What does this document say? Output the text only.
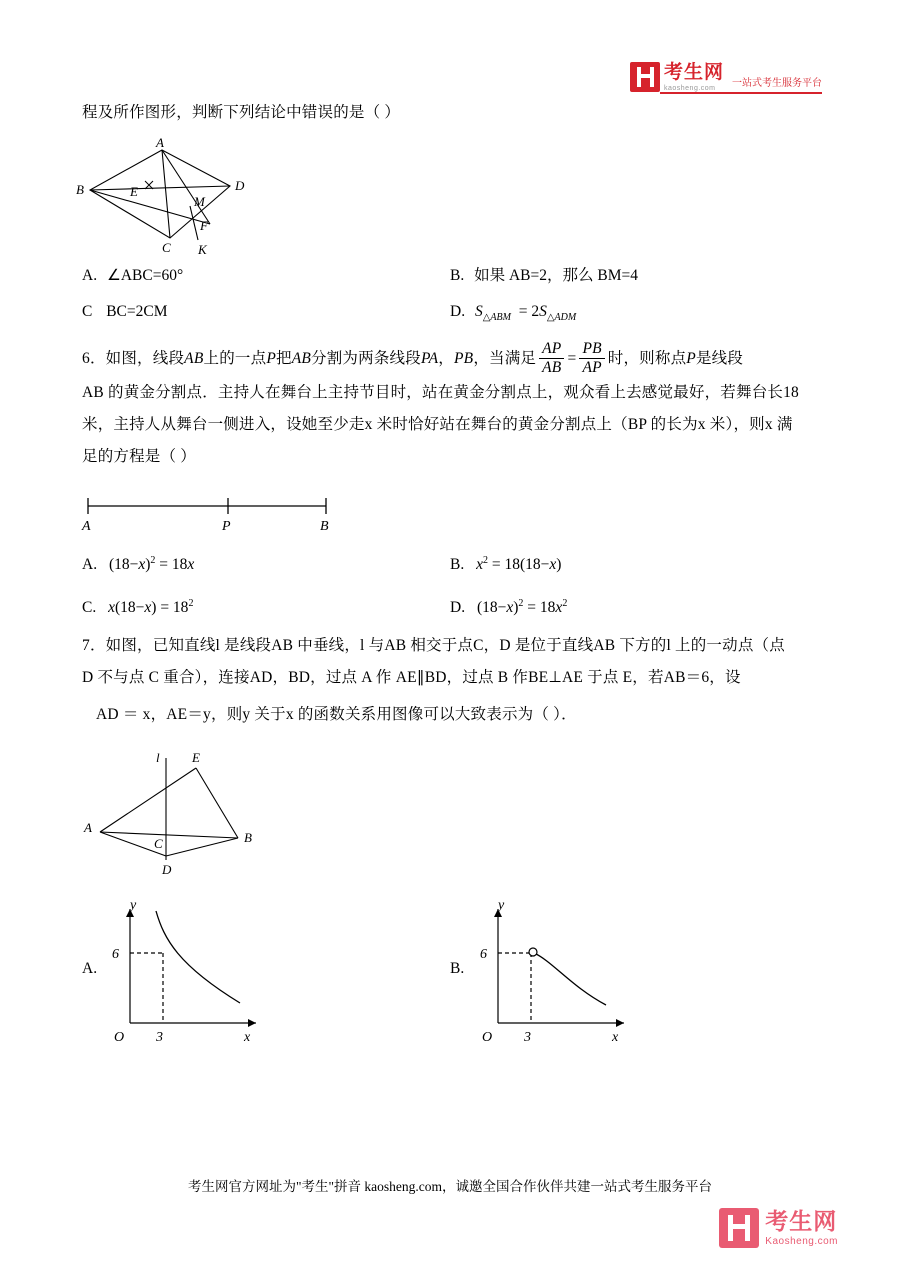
考生网
kaosheng.com	一站式考生服务平台
程及所作图形，判断下列结论中错误的是（ ）
A
B	D
E
C
M
F
K
A. ∠ABC=60°	B. 如果 AB=2，那么 BM=4
C BC=2CM	D. $S_{\triangle ABM} = 2S_{\triangle ADM}$
6．如图，线段AB上的一点P把AB分割为两条线段PA，PB，当满足 $\frac{AP}{AB} = \frac{PB}{AP}$ 时，则称点P是线段
AB 的黄金分割点．主持人在舞台上主持节目时，站在黄金分割点上，观众看上去感觉最好，若舞台长18
米，主持人从舞台一侧进入，设她至少走x 米时恰好站在舞台的黄金分割点上（BP 的长为x 米），则x 满
足的方程是（ ）
A	P	B
A. $(18-x)^2 = 18x$	B. $x^2 = 18(18-x)$
C. $x(18-x) = 18^2$	D. $(18-x)^2 = 18x^2$
7．如图，已知直线l 是线段AB 中垂线，l 与AB 相交于点C，D 是位于直线AB 下方的l 上的一动点（点
D 不与点 C 重合），连接AD，BD，过点 A 作 AE∥BD，过点 B 作BE⊥AE 于点 E，若AB＝6，设
AD ＝ x，AE＝y，则y 关于x 的函数关系用图像可以大致表示为（ ）．
l E
A
C	B
D
A.
y
x
6
O 3
B.
y
x
6
O 3
考生网官方网址为"考生"拼音 kaosheng.com，诚邀全国合作伙伴共建一站式考生服务平台
考生网
Kaosheng.com
